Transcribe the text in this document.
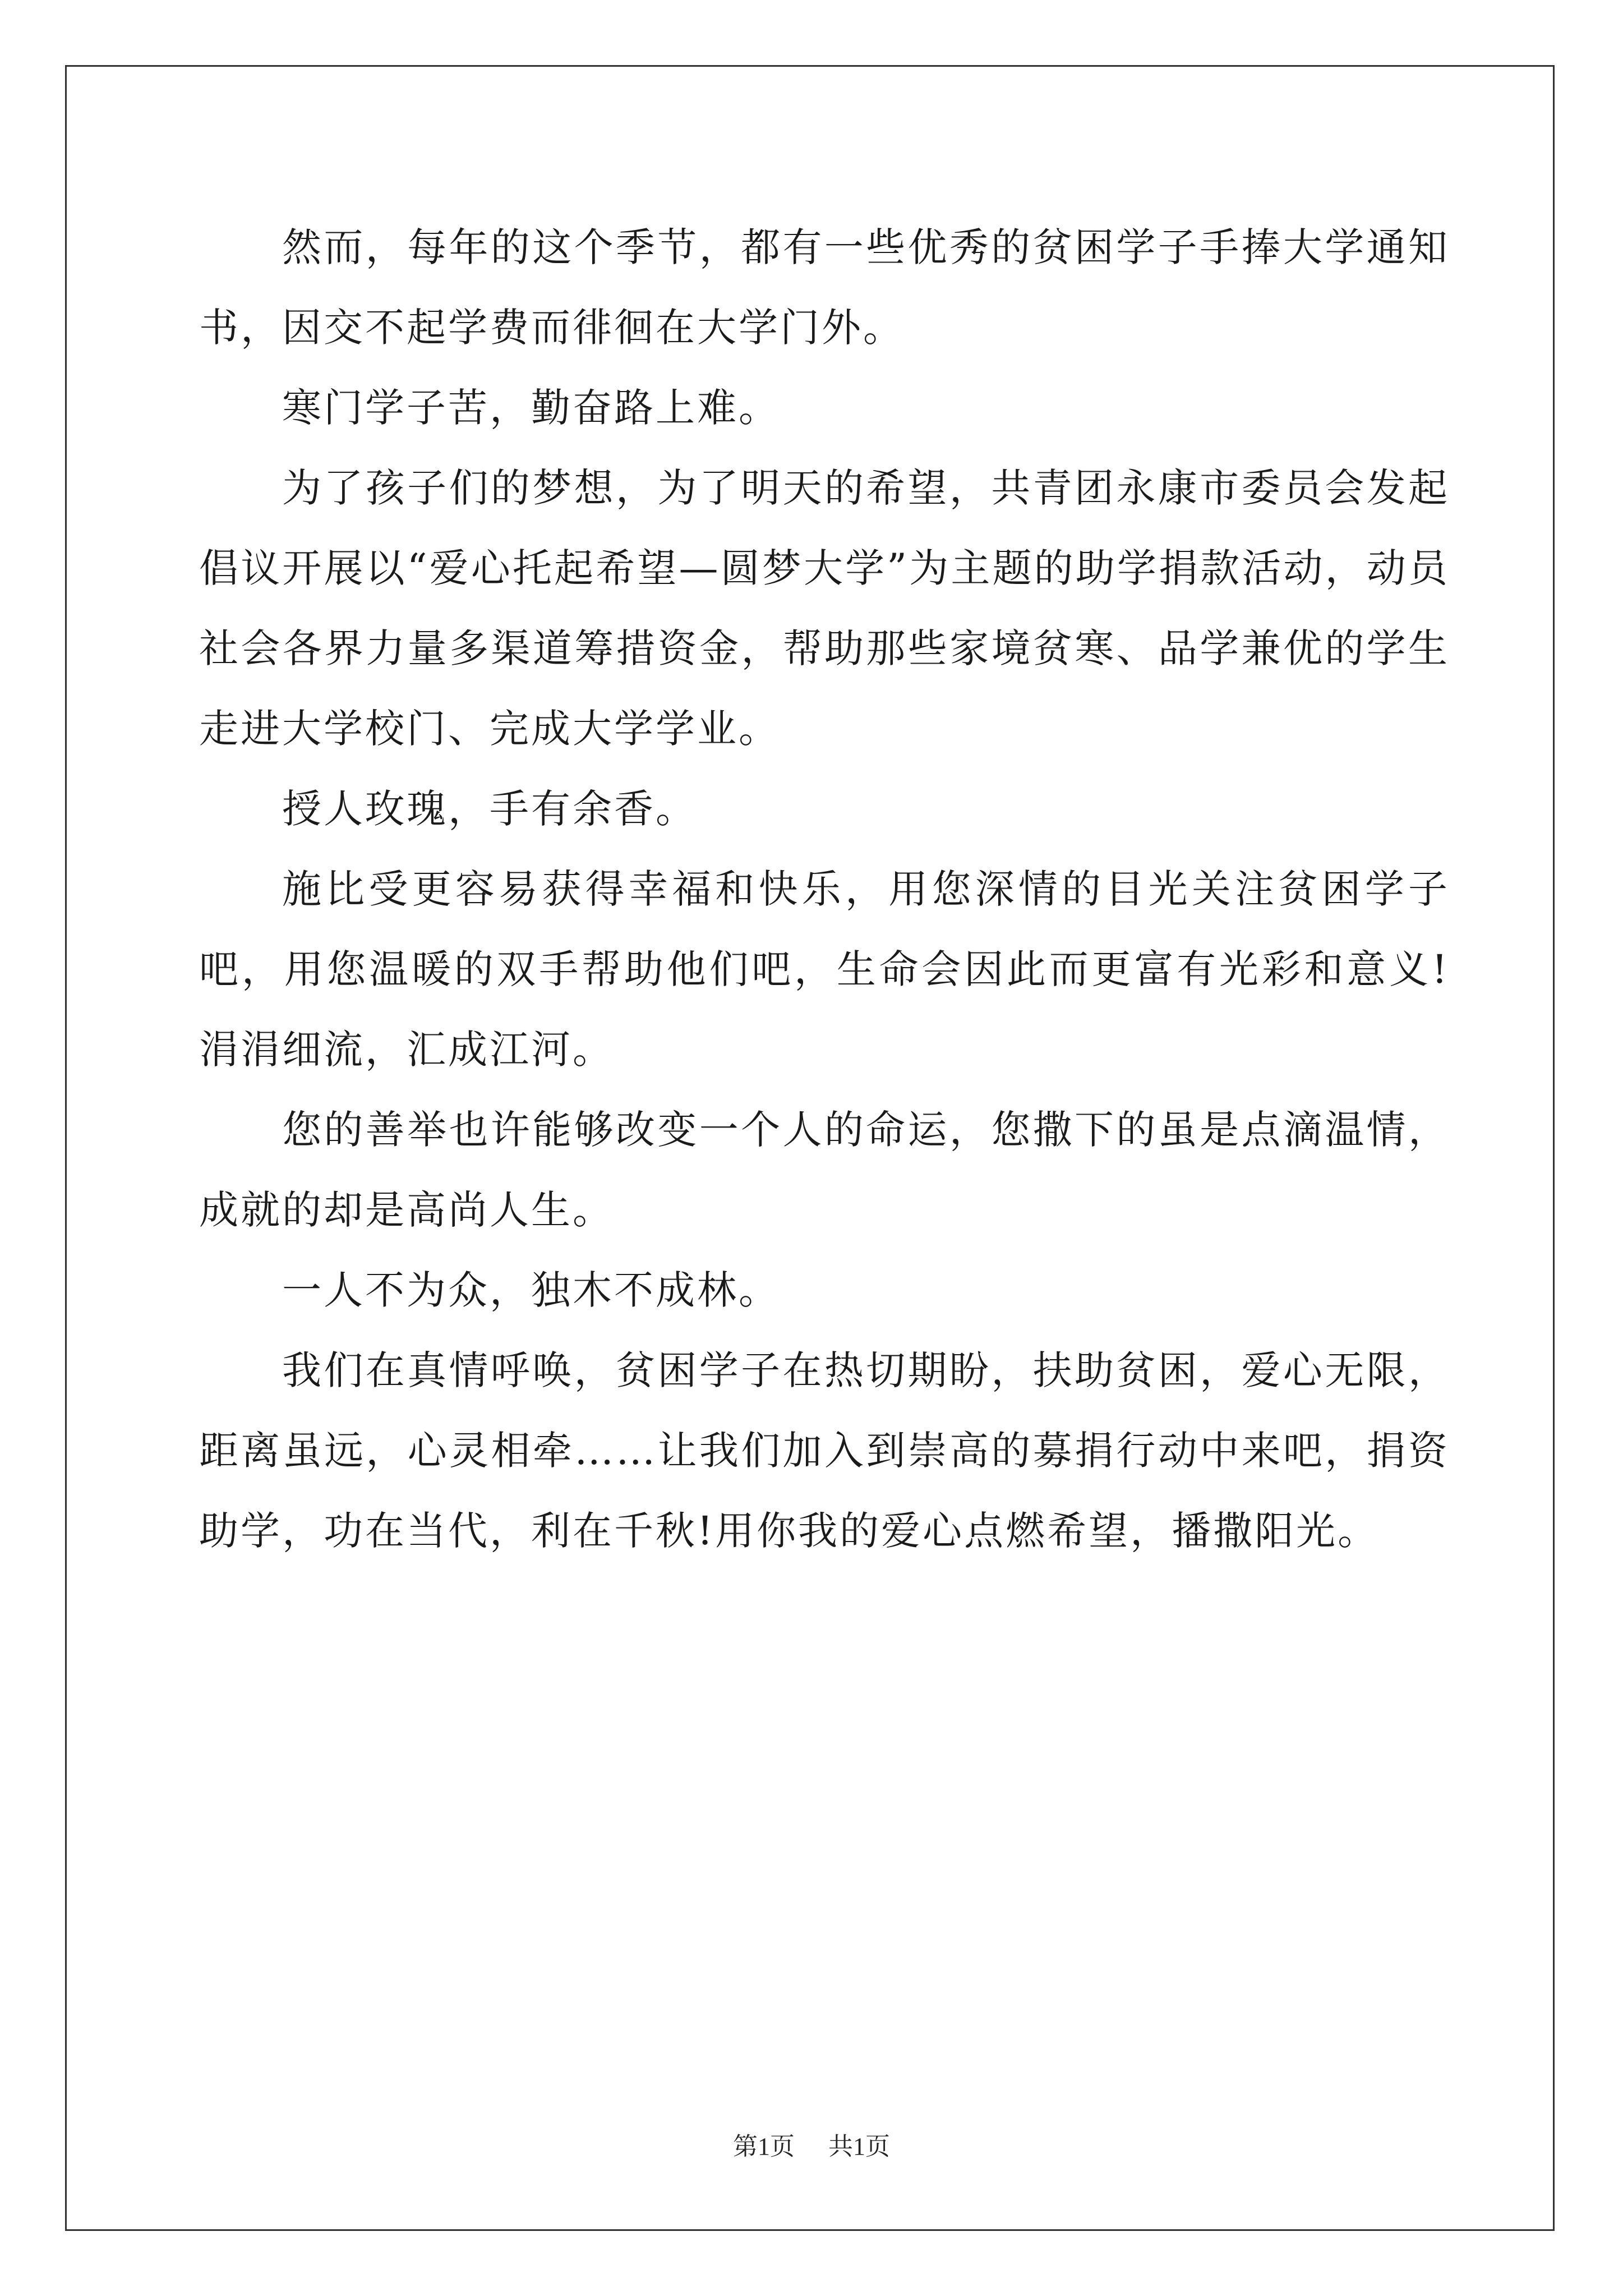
然而，每年的这个季节，都有一些优秀的贫困学子手捧大学通知书，因交不起学费而徘徊在大学门外。

寒门学子苦，勤奋路上难。

为了孩子们的梦想，为了明天的希望，共青团永康市委员会发起倡议开展以“爱心托起希望—圆梦大学”为主题的助学捐款活动，动员社会各界力量多渠道筹措资金，帮助那些家境贫寒、品学兼优的学生走进大学校门、完成大学学业。

授人玫瑰，手有余香。

施比受更容易获得幸福和快乐，用您深情的目光关注贫困学子吧，用您温暖的双手帮助他们吧，生命会因此而更富有光彩和意义!涓涓细流，汇成江河。

您的善举也许能够改变一个人的命运，您撒下的虽是点滴温情，成就的却是高尚人生。

一人不为众，独木不成林。

我们在真情呼唤，贫困学子在热切期盼，扶助贫困，爱心无限，距离虽远，心灵相牵……让我们加入到崇高的募捐行动中来吧，捐资助学，功在当代，利在千秋!用你我的爱心点燃希望，播撒阳光。

第1页 共1页
